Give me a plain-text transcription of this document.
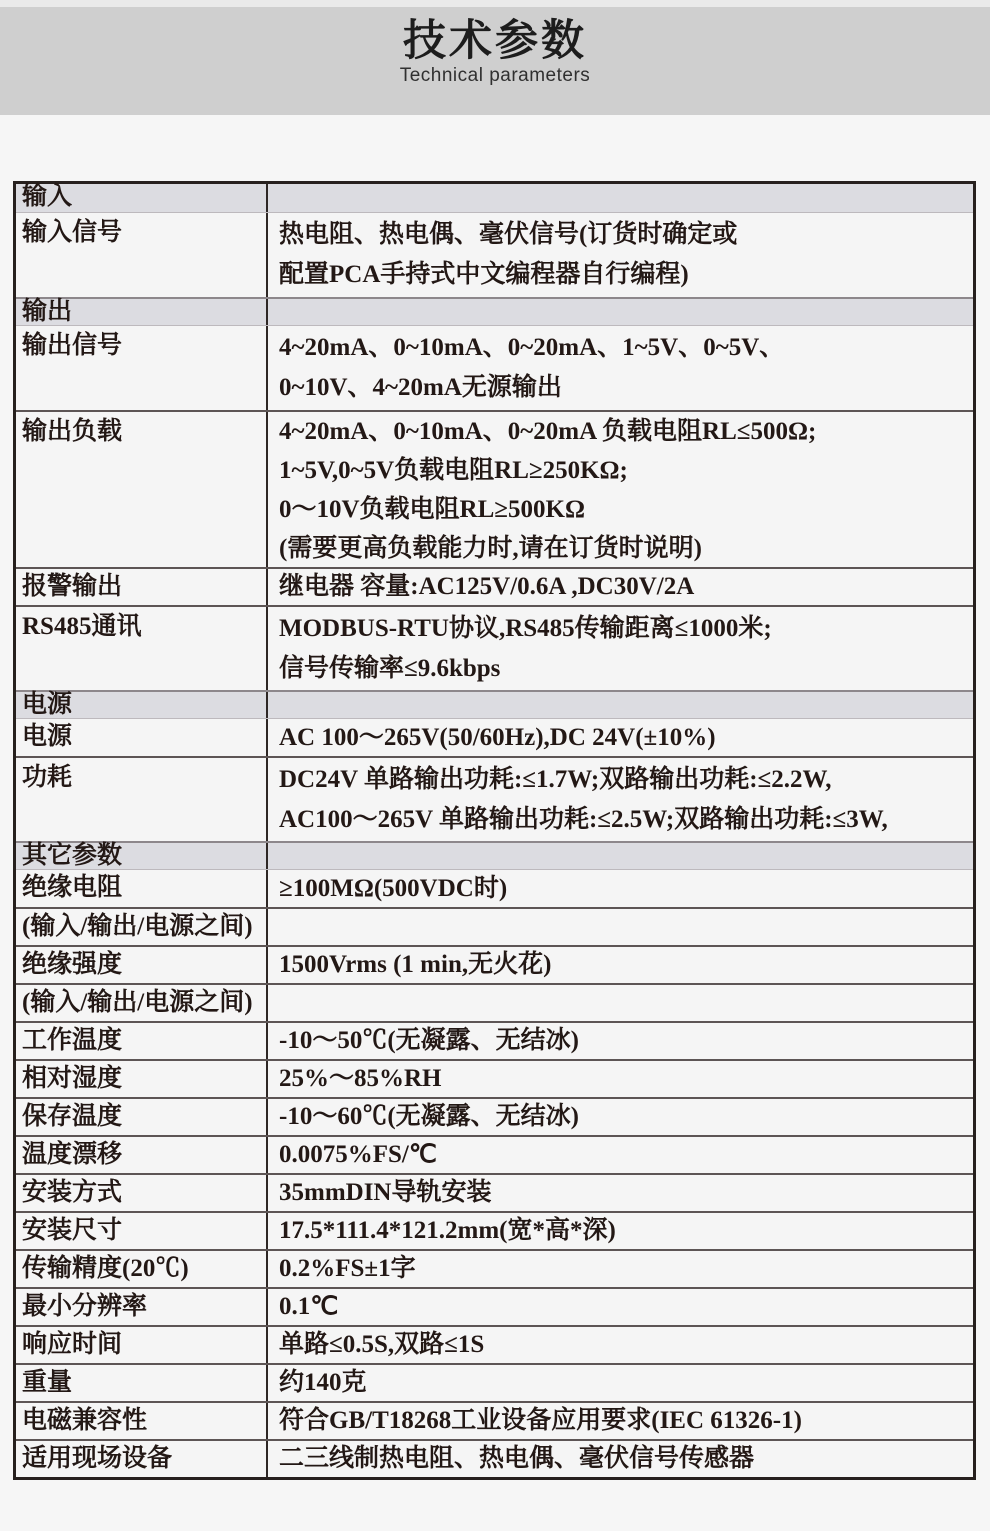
技术参数
Technical parameters
输入
输入信号	热电阻、热电偶、毫伏信号(订货时确定或
配置PCA手持式中文编程器自行编程)
输出
输出信号	4~20mA、0~10mA、0~20mA、1~5V、0~5V、
0~10V、4~20mA无源输出
输出负载	4~20mA、0~10mA、0~20mA 负载电阻RL≤500Ω;
1~5V,0~5V负载电阻RL≥250KΩ;
0～10V负载电阻RL≥500KΩ
(需要更高负载能力时,请在订货时说明)
报警输出	继电器 容量:AC125V/0.6A ,DC30V/2A
RS485通讯	MODBUS-RTU协议,RS485传输距离≤1000米;
信号传输率≤9.6kbps
电源
电源	AC 100～265V(50/60Hz),DC 24V(±10%)
功耗	DC24V 单路输出功耗:≤1.7W;双路输出功耗:≤2.2W,
AC100～265V 单路输出功耗:≤2.5W;双路输出功耗:≤3W,
其它参数
绝缘电阻	≥100MΩ(500VDC时)
(输入/输出/电源之间)
绝缘强度	1500Vrms (1 min,无火花)
(输入/输出/电源之间)
工作温度	-10～50℃(无凝露、无结冰)
相对湿度	25%～85%RH
保存温度	-10～60℃(无凝露、无结冰)
温度漂移	0.0075%FS/℃
安装方式	35mmDIN导轨安装
安装尺寸	17.5*111.4*121.2mm(宽*高*深)
传输精度(20℃)	0.2%FS±1字
最小分辨率	0.1℃
响应时间	单路≤0.5S,双路≤1S
重量	约140克
电磁兼容性	符合GB/T18268工业设备应用要求(IEC 61326-1)
适用现场设备	二三线制热电阻、热电偶、毫伏信号传感器
